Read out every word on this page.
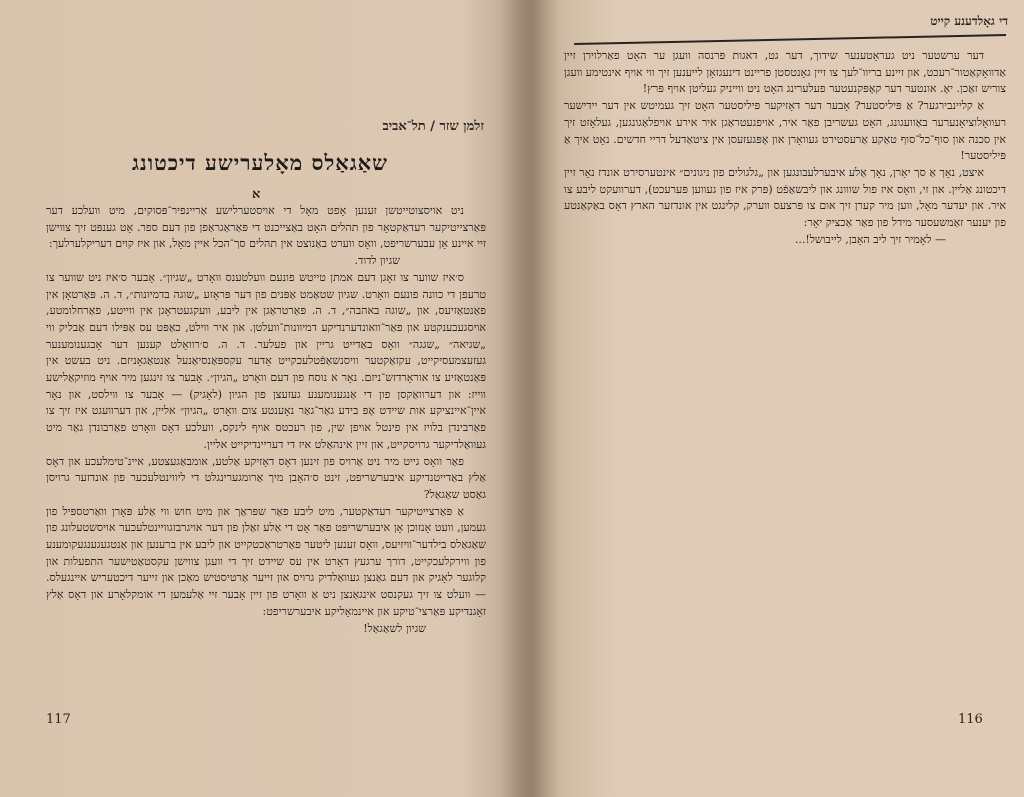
זלמן שזר / תל־אביב
שאַגאַלס מאָלערישע דיכטונג
א

ניט אויסצוטייטשן זענען אָפט מאָל די אויסטערלישע אַריינפיר־פּסוקים, מיט וועלכע דער פּאַרצייטיקער רעדאַקטאָר פון תהלים האָט באַצייכנט די פּאַראַגראַפן פון דעם ספר. אָט גענפּט זיך צווישן זיי איינע אָן עבערשריפט, וואָס ווערט באַנוצט אין תהלים סך־הכל איין מאָל, און איז קוים דעריקלערלעך:

שגיון לדוד.

ס׳איז שווער צו זאָגן דעם אמתן טייטש פונעם וועלטענס וואָרט „שגיון״. אָבער ס׳איז ניט שווער צו טרעפן די כוונה פונעם וואָרט. שגיון שטאַמט אַפּנים פון דער פּראָזע „שוגה בדמיונות״, ד. ה. פּאַרטאָן אין פאַנטאַזיעס, און „שוגה באהבה״, ד. ה. פּאַרטראַגן אין ליבע, וועקגעטראָגן אין ווייטע, פאַרחלומטע, אויסגעבענקטע און פאַר־וואונדערנדיקע דמיוונות־וועלטן. און איר ווילט, כאַפּט עס אַפּילו דעם אַבליק ווי „שגיאה״ „שגגה״ וואָס באַדייט גריין און פעלער. ד. ה. ס׳רוואָלט קענען דער אָבגענומענער געזעצמעסיקייט, עקזאַקטער וויסנשאַפֿטלעכקייט אָדער עקספּאַנסיאַנעל אַנטאַגאָניזם. ניט בעשט אין פּאַנטאַזיע צו אוראָרדזש־ניזם. נאָר א נוסח פון דעם וואָרט „הגיון״. אָבער צו זינגען מיר אויף מוזיקאַלישע ווייז: און דערוואַקסן פון די אַנגענומענע געזעצן פון הגיון (לאָגיק) — אָבער צו ווילסט, און נאָר איין־איינציקע אות שיידט אָפּ בידע גאַר־גאַר נאָענטע צום וואָרט „הגיון״ אליין, און דערוועגט איז זיך צו פאַרבינדן בלויז אין פינטל אויפן שין, פון רעכטס אויף לינקס, וועלכע דאָס וואָרט פאַרבונדן גאַר מיט געוואַלדיקער גרויסקייט, און זיין אינהאַלט איז די דעריינדיקייט אליין.

פאַר וואָס גייט מיר ניט אַרויס פון זינען דאָס דאָזיקע אַלטע, אומבאַגעצטע, איינ־טימלעכע און דאָס אַלץ באַדייטנדיקע איבערשריפט, זינט ס׳האָבן מיך אַרומגערינגלט די ליווינטלעכער פון אונדזער גרויסן גאַסט שאַגאַל?

אַ פּאַרצייטיקער רעדאַקטער, מיט ליבע פאַר שפּראַך און מיט חוש ווי אַלע פּאָרן וואַרטספּיל פון געמען, וועט אָנזוכן אָן איבערשריפט פאַר אָט די אַלע זאַלן פון דער אויגרבזגוויינטלעכער אויסשטעלונג פון שאַגאַלס בילדער־וויזיעס, וואָס זענען ליטער פאַרטראַכטקייט און ליבע אין ברענען און אַנטגעגענגעקומענע פון ווירקלעכקייט, דורך ערגעץ דאָרט אין עס שיידט זיך די וועגן צווישן עקסטאַטישער התפעלות און קלוגער לאָגיק און דעם גאַנצן געוואַלדיק גרויס און זייער אַרטיסטיש מאַכן און זייער דיכטעריש איינגעלס. — וועלט צו זיך געקנסט אינגאַנצן ניט אַ וואָרט פון זיין אָבער זיי אַלעמען די אומקלאָרע און דאָס אַלץ זאָגנדיקע פּאַרצי־טיקע און איינמאָליקע איבערשריפט:

שגיון לשאַגאַל!

117
די גאָלדענע קייט

דער ערשטער ניט געראָטענער שידוך, דער גט, דאגות פּרנסה וועגן ער האָט פאַרלוירן זיין אַדוואָקאַטור־רעכט, און זיינע בריוו־לעך צו זיין גאָנטסטן פריינט דינעגזאָן לייענען זיך ווי אויף אינטימע וועגן צוריש זאַכן. יאָ. אונטער דער קאָפּקנעטער פעלערינג האָט ניט ווייניק געליטן אויף פּרץ!

אַ קליינבירגער? אַ פּיליסטער? אָבער דער דאָזיקער פּיליסטער האָט זיך געמיטש אין דער יידישער רעוואָלוציאָנערער באַוועגונג, האָט געשריבן פאַר איר, אויפגעטראַגן איר אירע אויפלאַגונגען, געלאָזט זיך אין סכנה און סוף־כל־סוף טאַקע אַרעסטירט געוואָרן און אָפּגעזעסן אין ציטאַדעל דריי חדשים. נאָט איך אַ פּיליסטער!

איצט, נאָך אַ סך יאָרן, נאָך אַלע איבערלעבונגען און „גלגולים פון ניגונים״ אינטערסירט אונדז נאָר זיין דיכטונג אַליין. און זי, וואָס איז פול שווונג און ליבשאַפֿט (פּרק איז פון געווען פּערעכט), דערוועקט ליבע צו איר. און יעדער מאָל, ווען מיר קערן זיך אום צו פּרצעס ווערק, קלינגט אין אונדזער הארץ דאָס באַקאַנטע פון יענער זאַמשעסער מידל פון פאַר אַכציק יאָר:

— לאָמיר זיך ליב האָבן, לייבושל!...

116
